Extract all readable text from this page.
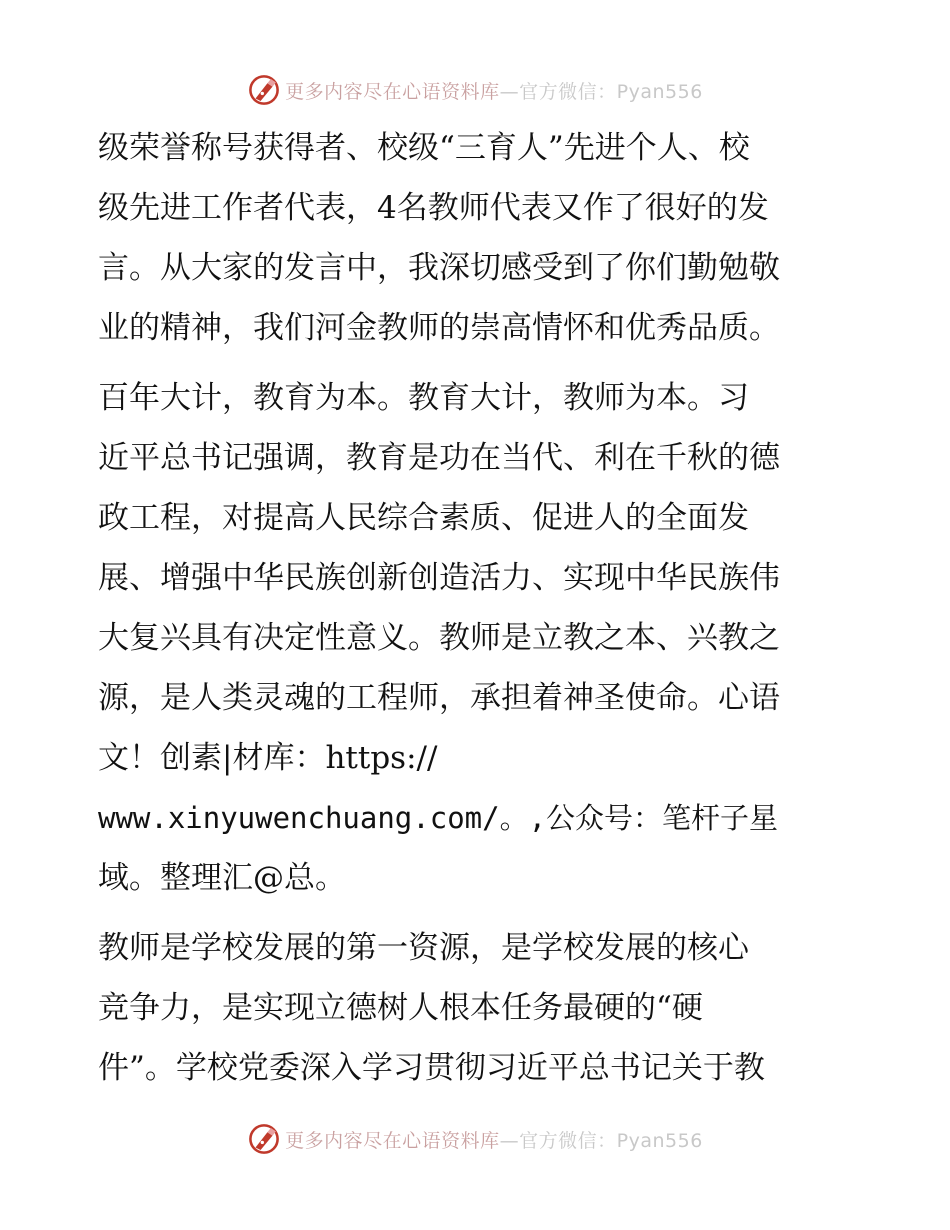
更多内容尽在心语资料库—官方微信：Pyan556
级荣誉称号获得者、校级“三育人”先进个人、校
级先进工作者代表，4名教师代表又作了很好的发
言。从大家的发言中，我深切感受到了你们勤勉敬
业的精神，我们河金教师的崇高情怀和优秀品质。
百年大计，教育为本。教育大计，教师为本。习
近平总书记强调，教育是功在当代、利在千秋的德
政工程，对提高人民综合素质、促进人的全面发
展、增强中华民族创新创造活力、实现中华民族伟
大复兴具有决定性意义。教师是立教之本、兴教之
源，是人类灵魂的工程师，承担着神圣使命。心语
文！创素|材库：https://
www.xinyuwenchuang.com/。,公众号：笔杆子星
域。整理汇@总。
教师是学校发展的第一资源，是学校发展的核心
竞争力，是实现立德树人根本任务最硬的“硬
件”。学校党委深入学习贯彻习近平总书记关于教
更多内容尽在心语资料库—官方微信：Pyan556
